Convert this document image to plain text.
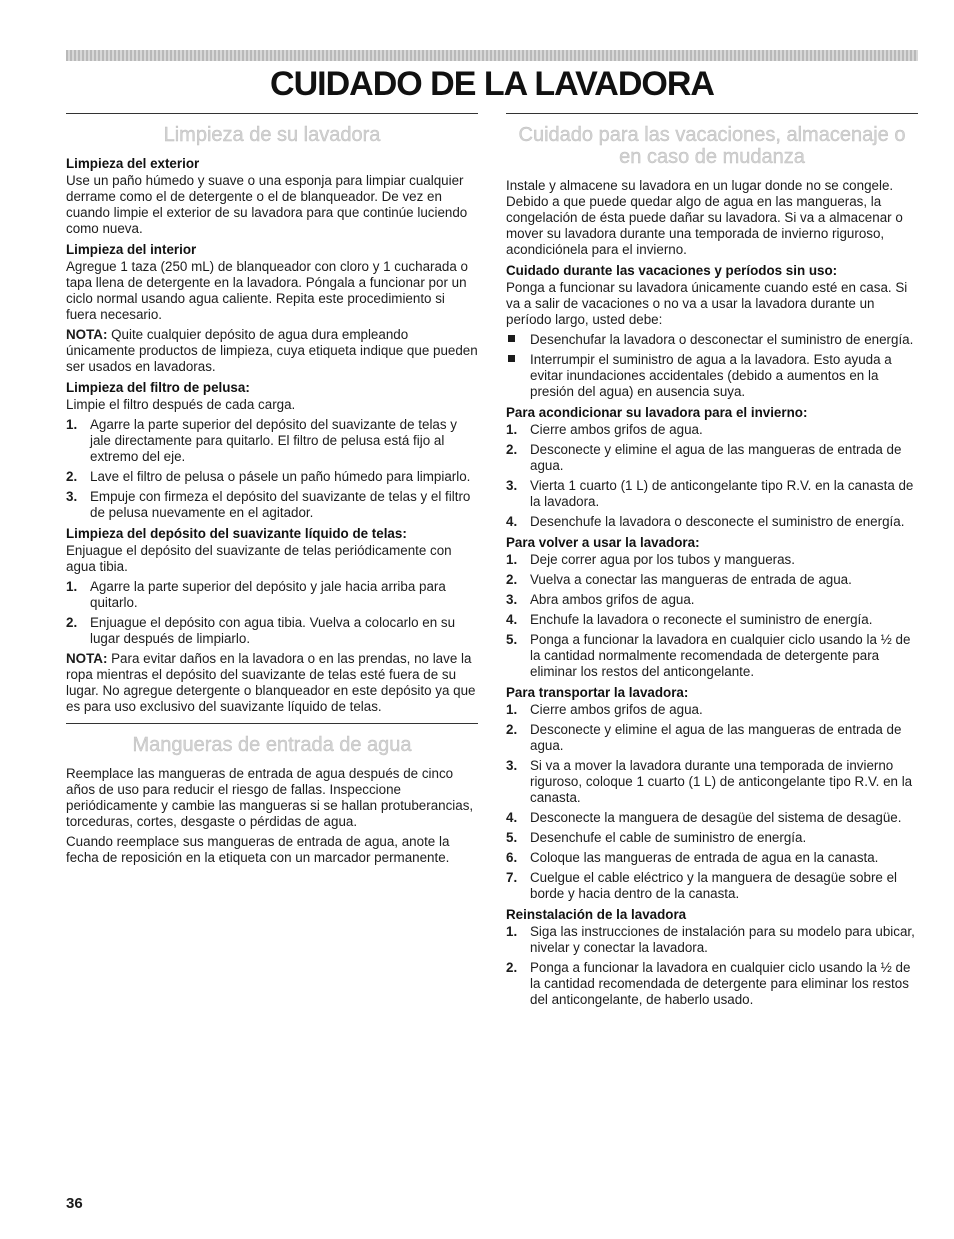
CUIDADO DE LA LAVADORA
Limpieza de su lavadora
Limpieza del exterior

Use un paño húmedo y suave o una esponja para limpiar cualquier derrame como el de detergente o el de blanqueador. De vez en cuando limpie el exterior de su lavadora para que continúe luciendo como nueva.

Limpieza del interior

Agregue 1 taza (250 mL) de blanqueador con cloro y 1 cucharada o tapa llena de detergente en la lavadora. Póngala a funcionar por un ciclo normal usando agua caliente. Repita este procedimiento si fuera necesario.

NOTA: Quite cualquier depósito de agua dura empleando únicamente productos de limpieza, cuya etiqueta indique que pueden ser usados en lavadoras.

Limpieza del filtro de pelusa:

Limpie el filtro después de cada carga.

1. Agarre la parte superior del depósito del suavizante de telas y jale directamente para quitarlo. El filtro de pelusa está fijo al extremo del eje.
2. Lave el filtro de pelusa o pásele un paño húmedo para limpiarlo.
3. Empuje con firmeza el depósito del suavizante de telas y el filtro de pelusa nuevamente en el agitador.
Limpieza del depósito del suavizante líquido de telas:

Enjuague el depósito del suavizante de telas periódicamente con agua tibia.

1. Agarre la parte superior del depósito y jale hacia arriba para quitarlo.
2. Enjuague el depósito con agua tibia. Vuelva a colocarlo en su lugar después de limpiarlo.

NOTA: Para evitar daños en la lavadora o en las prendas, no lave la ropa mientras el depósito del suavizante de telas esté fuera de su lugar. No agregue detergente o blanqueador en este depósito ya que es para uso exclusivo del suavizante líquido de telas.

Mangueras de entrada de agua

Reemplace las mangueras de entrada de agua después de cinco años de uso para reducir el riesgo de fallas. Inspeccione periódicamente y cambie las mangueras si se hallan protuberancias, torceduras, cortes, desgaste o pérdidas de agua.

Cuando reemplace sus mangueras de entrada de agua, anote la fecha de reposición en la etiqueta con un marcador permanente.

Cuidado para las vacaciones, almacenaje o en caso de mudanza

Instale y almacene su lavadora en un lugar donde no se congele. Debido a que puede quedar algo de agua en las mangueras, la congelación de ésta puede dañar su lavadora. Si va a almacenar o mover su lavadora durante una temporada de invierno riguroso, acondiciónela para el invierno.

Cuidado durante las vacaciones y períodos sin uso:

Ponga a funcionar su lavadora únicamente cuando esté en casa. Si va a salir de vacaciones o no va a usar la lavadora durante un período largo, usted debe:

Desenchufar la lavadora o desconectar el suministro de energía.
Interrumpir el suministro de agua a la lavadora. Esto ayuda a evitar inundaciones accidentales (debido a aumentos en la presión del agua) en ausencia suya.
Para acondicionar su lavadora para el invierno:
1. Cierre ambos grifos de agua.
2. Desconecte y elimine el agua de las mangueras de entrada de agua.
3. Vierta 1 cuarto (1 L) de anticongelante tipo R.V. en la canasta de la lavadora.
4. Desenchufe la lavadora o desconecte el suministro de energía.
Para volver a usar la lavadora:
1. Deje correr agua por los tubos y mangueras.
2. Vuelva a conectar las mangueras de entrada de agua.
3. Abra ambos grifos de agua.
4. Enchufe la lavadora o reconecte el suministro de energía.
5. Ponga a funcionar la lavadora en cualquier ciclo usando la ½ de la cantidad normalmente recomendada de detergente para eliminar los restos del anticongelante.
Para transportar la lavadora:
1. Cierre ambos grifos de agua.
2. Desconecte y elimine el agua de las mangueras de entrada de agua.
3. Si va a mover la lavadora durante una temporada de invierno riguroso, coloque 1 cuarto (1 L) de anticongelante tipo R.V. en la canasta.
4. Desconecte la manguera de desagüe del sistema de desagüe.
5. Desenchufe el cable de suministro de energía.
6. Coloque las mangueras de entrada de agua en la canasta.
7. Cuelgue el cable eléctrico y la manguera de desagüe sobre el borde y hacia dentro de la canasta.
Reinstalación de la lavadora
1. Siga las instrucciones de instalación para su modelo para ubicar, nivelar y conectar la lavadora.
2. Ponga a funcionar la lavadora en cualquier ciclo usando la ½ de la cantidad recomendada de detergente para eliminar los restos del anticongelante, de haberlo usado.

36
